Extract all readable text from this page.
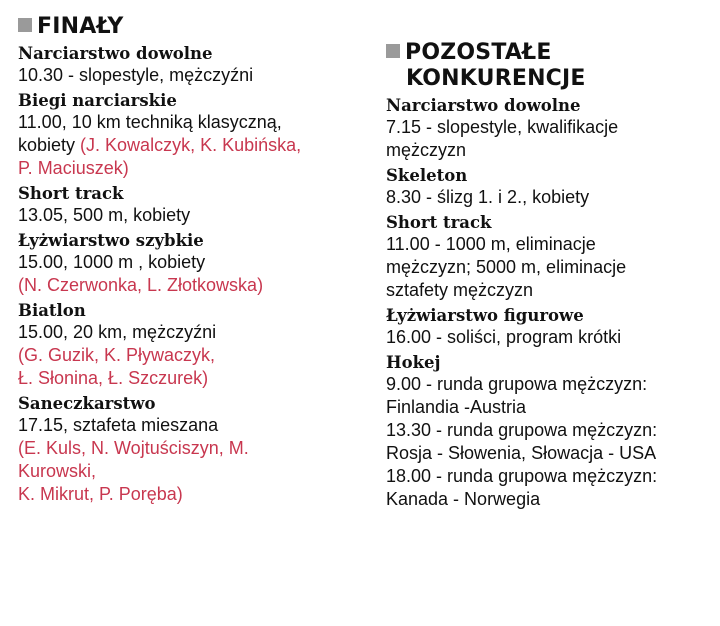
FINAŁY
Narciarstwo dowolne
10.30 - slopestyle, mężczyźni
Biegi narciarskie
11.00, 10 km techniką klasyczną,
kobiety (J. Kowalczyk, K. Kubińska,
P. Maciuszek)
Short track
13.05, 500 m, kobiety
Łyżwiarstwo szybkie
15.00, 1000 m , kobiety
(N. Czerwonka, L. Złotkowska)
Biatlon
15.00, 20 km, mężczyźni
(G. Guzik, K. Pływaczyk,
Ł. Słonina, Ł. Szczurek)
Saneczkarstwo
17.15, sztafeta mieszana
(E. Kuls, N. Wojtuściszyn, M.
Kurowski,
K. Mikrut, P. Poręba)
POZOSTAŁE
KONKURENCJE
Narciarstwo dowolne
7.15 - slopestyle, kwalifikacje
mężczyzn
Skeleton
8.30 - ślizg 1. i 2., kobiety
Short track
11.00 - 1000 m, eliminacje
mężczyzn; 5000 m, eliminacje
sztafety mężczyzn
Łyżwiarstwo figurowe
16.00 - soliści, program krótki
Hokej
9.00 - runda grupowa mężczyzn:
Finlandia -Austria
13.30 - runda grupowa mężczyzn:
Rosja - Słowenia, Słowacja - USA
18.00 - runda grupowa mężczyzn:
Kanada - Norwegia
